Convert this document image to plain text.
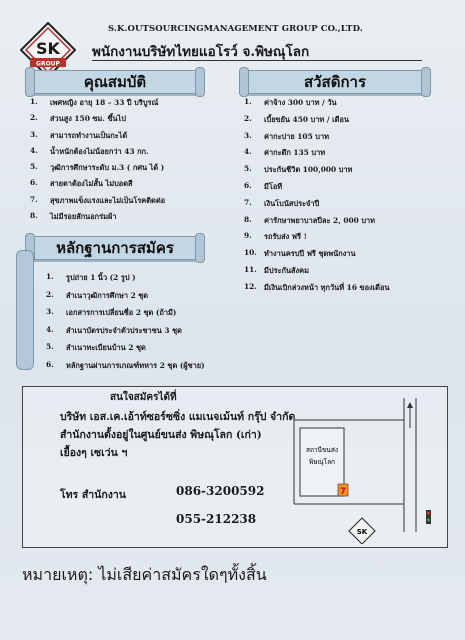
SK
GROUP
S.K.OUTSOURCINGMANAGEMENT GROUP CO.,LTD.
พนักงานบริษัทไทยแอโรว์ จ.พิษณุโลก
คุณสมบัติ
1. เพศหญิง อายุ 18 – 33 ปี บริบูรณ์
2. ส่วนสูง 150 ซม. ขึ้นไป
3. สามารถทำงานเป็นกะได้
4. น้ำหนักต้องไม่น้อยกว่า 43 กก.
5. วุฒิการศึกษาระดับ ม.3 ( กศน ได้ )
6. สายตาต้องไม่สั้น ไม่บอดสี
7. สุขภาพแข็งแรงและไม่เป็นโรคติดต่อ
8. ไม่มีรอยสักนอกร่มผ้า
สวัสดิการ
1. ค่าจ้าง 300 บาท / วัน
2. เบี้ยขยัน 450 บาท / เดือน
3. ค่ากะบ่าย 105 บาท
4. ค่ากะดึก 135 บาท
5. ประกันชีวิต 100,000 บาท
6. มีโอที
7. เงินโบนัสประจำปี
8. ค่ารักษาพยาบาลปีละ 2, 000 บาท
9. รถรับส่ง ฟรี !
10. ทำงานครบปี ฟรี ชุดพนักงาน
11. มีประกันสังคม
12. มีเงินเบิกล่วงหน้า ทุกวันที่ 16 ของเดือน
หลักฐานการสมัคร
1. รูปถ่าย 1 นิ้ว (2 รูป )
2. สำเนาวุฒิการศึกษา 2 ชุด
3. เอกสารการเปลี่ยนชื่อ 2 ชุด (ถ้ามี)
4. สำเนาบัตรประจำตัวประชาชน 3 ชุด
5. สำเนาทะเบียนบ้าน 2 ชุด
6. หลักฐานผ่านการเกณฑ์ทหาร 2 ชุด (ผู้ชาย)
สนใจสมัครได้ที่
บริษัท เอส.เค.เอ้าท์ซอร์ซซิ่ง แมเนจเม้นท์ กรุ๊ป จำกัด
สำนักงานตั้งอยู่ในศูนย์ขนส่ง พิษณุโลก (เก่า)
เยื้องๆ เซเว่น ฯ
โทร สำนักงาน	086-3200592
055-212238
สถานีขนส่ง
พิษณุโลก
7
SK
หมายเหตุ: ไม่เสียค่าสมัครใดๆทั้งสิ้น
